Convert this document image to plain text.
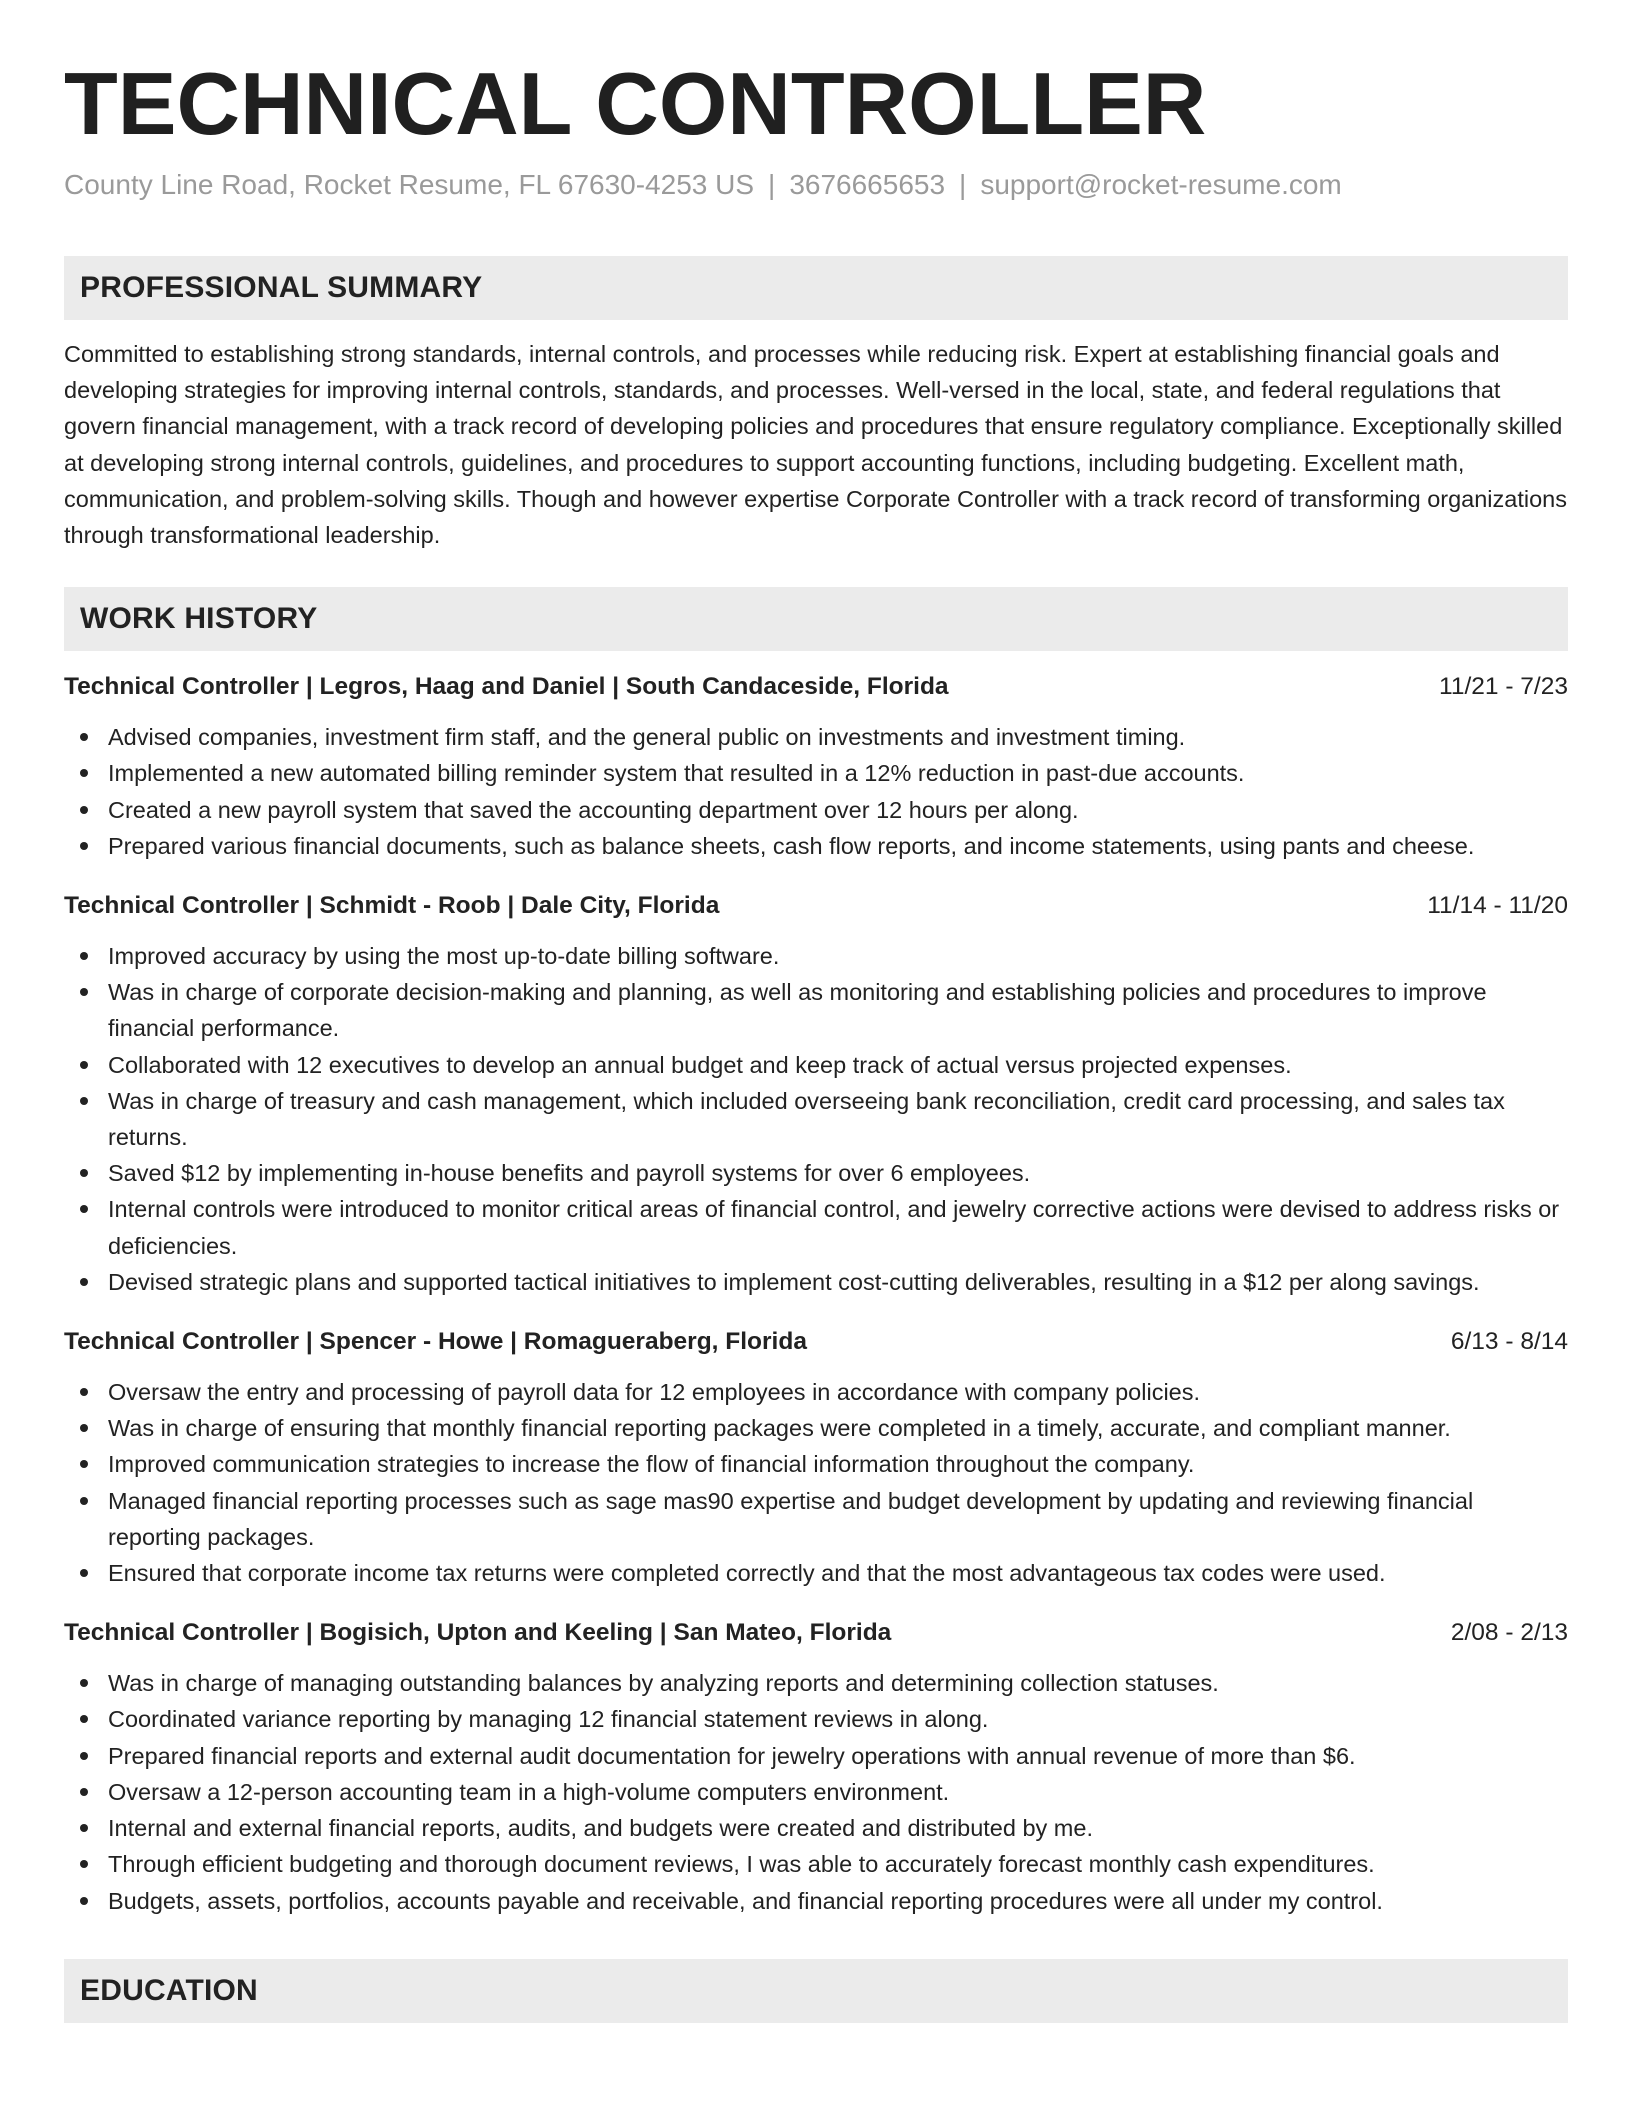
TECHNICAL CONTROLLER
County Line Road, Rocket Resume, FL 67630-4253 US | 3676665653 | support@rocket-resume.com
PROFESSIONAL SUMMARY

Committed to establishing strong standards, internal controls, and processes while reducing risk. Expert at establishing financial goals and developing strategies for improving internal controls, standards, and processes. Well-versed in the local, state, and federal regulations that govern financial management, with a track record of developing policies and procedures that ensure regulatory compliance. Exceptionally skilled at developing strong internal controls, guidelines, and procedures to support accounting functions, including budgeting. Excellent math, communication, and problem-solving skills. Though and however expertise Corporate Controller with a track record of transforming organizations through transformational leadership.

WORK HISTORY
Technical Controller | Legros, Haag and Daniel | South Candaceside, Florida	11/21 - 7/23
Advised companies, investment firm staff, and the general public on investments and investment timing.
Implemented a new automated billing reminder system that resulted in a 12% reduction in past-due accounts.
Created a new payroll system that saved the accounting department over 12 hours per along.
Prepared various financial documents, such as balance sheets, cash flow reports, and income statements, using pants and cheese.
Technical Controller | Schmidt - Roob | Dale City, Florida	11/14 - 11/20
Improved accuracy by using the most up-to-date billing software.
Was in charge of corporate decision-making and planning, as well as monitoring and establishing policies and procedures to improve financial performance.
Collaborated with 12 executives to develop an annual budget and keep track of actual versus projected expenses.
Was in charge of treasury and cash management, which included overseeing bank reconciliation, credit card processing, and sales tax returns.
Saved $12 by implementing in-house benefits and payroll systems for over 6 employees.
Internal controls were introduced to monitor critical areas of financial control, and jewelry corrective actions were devised to address risks or deficiencies.
Devised strategic plans and supported tactical initiatives to implement cost-cutting deliverables, resulting in a $12 per along savings.
Technical Controller | Spencer - Howe | Romagueraberg, Florida	6/13 - 8/14
Oversaw the entry and processing of payroll data for 12 employees in accordance with company policies.
Was in charge of ensuring that monthly financial reporting packages were completed in a timely, accurate, and compliant manner.
Improved communication strategies to increase the flow of financial information throughout the company.
Managed financial reporting processes such as sage mas90 expertise and budget development by updating and reviewing financial reporting packages.
Ensured that corporate income tax returns were completed correctly and that the most advantageous tax codes were used.
Technical Controller | Bogisich, Upton and Keeling | San Mateo, Florida	2/08 - 2/13
Was in charge of managing outstanding balances by analyzing reports and determining collection statuses.
Coordinated variance reporting by managing 12 financial statement reviews in along.
Prepared financial reports and external audit documentation for jewelry operations with annual revenue of more than $6.
Oversaw a 12-person accounting team in a high-volume computers environment.
Internal and external financial reports, audits, and budgets were created and distributed by me.
Through efficient budgeting and thorough document reviews, I was able to accurately forecast monthly cash expenditures.
Budgets, assets, portfolios, accounts payable and receivable, and financial reporting procedures were all under my control.
EDUCATION
